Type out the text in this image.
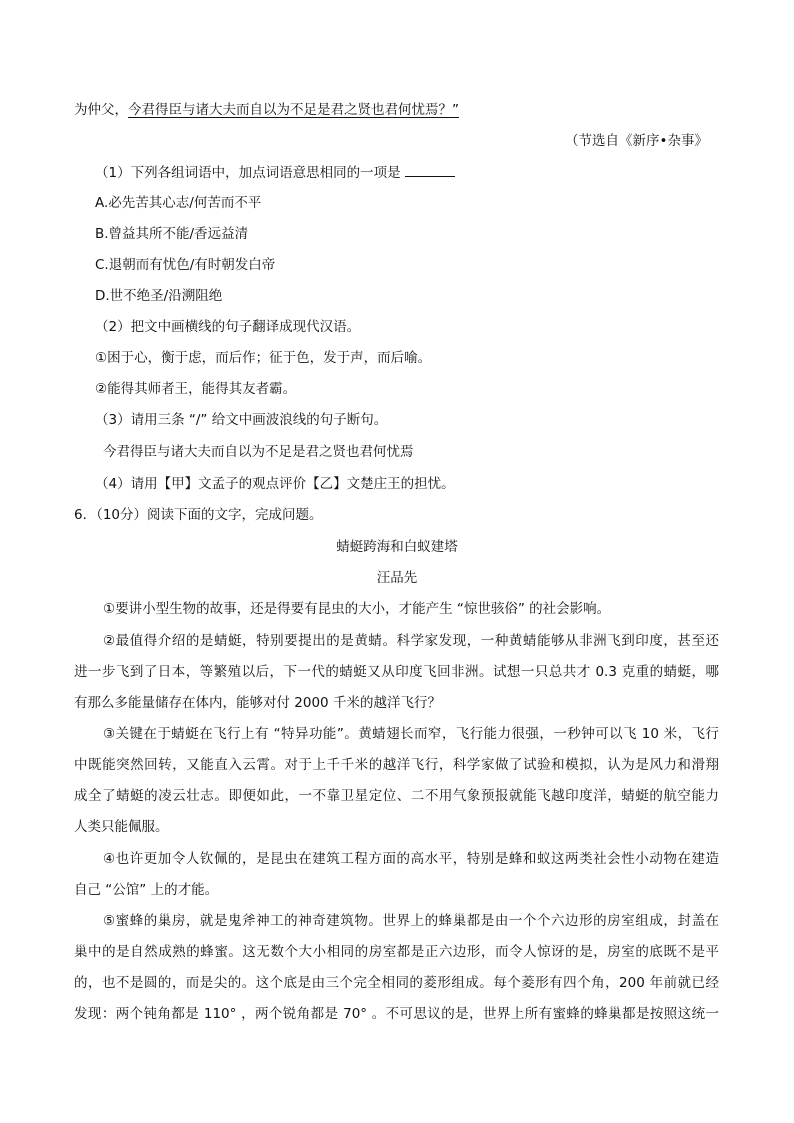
为仲父，今君得臣与诸大夫而自以为不足是君之贤也君何忧焉？”
（节选自《新序•杂事》
（1）下列各组词语中，加点词语意思相同的一项是
A.必先苦其心志/何苦而不平
B.曾益其所不能/香远益清
C.退朝而有忧色/有时朝发白帝
D.世不绝圣/沿溯阻绝
（2）把文中画横线的句子翻译成现代汉语。
①困于心，衡于虑，而后作；征于色，发于声，而后喻。
②能得其师者王，能得其友者霸。
（3）请用三条 “/” 给文中画波浪线的句子断句。
今君得臣与诸大夫而自以为不足是君之贤也君何忧焉
（4）请用【甲】文孟子的观点评价【乙】文楚庄王的担忧。
6．（10分）阅读下面的文字，完成问题。
蜻蜓跨海和白蚁建塔
汪品先
①要讲小型生物的故事，还是得要有昆虫的大小，才能产生 “惊世骇俗” 的社会影响。
②最值得介绍的是蜻蜓，特别要提出的是黄蜻。科学家发现，一种黄蜻能够从非洲飞到印度，甚至还
进一步飞到了日本，等繁殖以后，下一代的蜻蜓又从印度飞回非洲。试想一只总共才 0.3 克重的蜻蜓，哪
有那么多能量储存在体内，能够对付 2000 千米的越洋飞行？
③关键在于蜻蜓在飞行上有 “特异功能”。黄蜻翅长而窄，飞行能力很强，一秒钟可以飞 10 米，飞行
中既能突然回转，又能直入云霄。对于上千千米的越洋飞行，科学家做了试验和模拟，认为是风力和滑翔
成全了蜻蜓的凌云壮志。即便如此，一不靠卫星定位、二不用气象预报就能飞越印度洋，蜻蜓的航空能力
人类只能佩服。
④也许更加令人钦佩的，是昆虫在建筑工程方面的高水平，特别是蜂和蚁这两类社会性小动物在建造
自己 “公馆” 上的才能。
⑤蜜蜂的巢房，就是鬼斧神工的神奇建筑物。世界上的蜂巢都是由一个个六边形的房室组成，封盖在
巢中的是自然成熟的蜂蜜。这无数个大小相同的房室都是正六边形，而令人惊讶的是，房室的底既不是平
的，也不是圆的，而是尖的。这个底是由三个完全相同的菱形组成。每个菱形有四个角，200 年前就已经
发现：两个钝角都是 110° ，两个锐角都是 70° 。不可思议的是，世界上所有蜜蜂的蜂巢都是按照这统一
